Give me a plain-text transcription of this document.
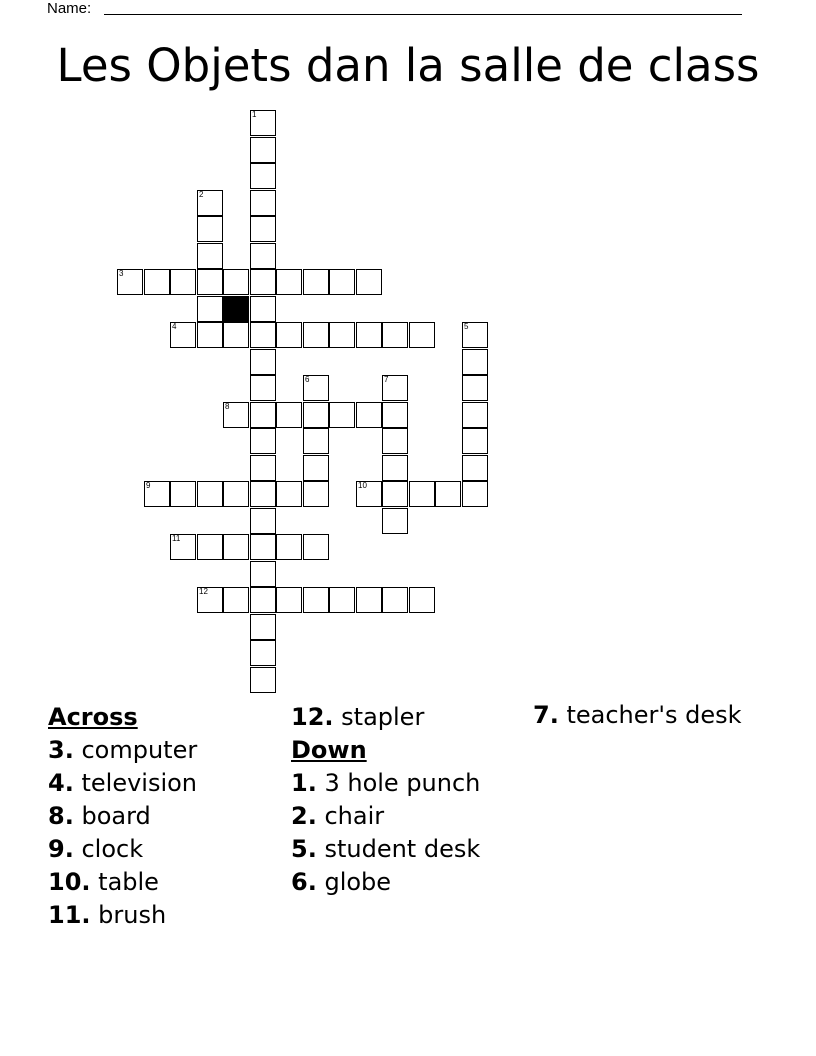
Name:
Les Objets dan la salle de class
1
2
3
4	5
6	7
8
9	10
11
12
Across
3. computer
4. television
8. board
9. clock
10. table
11. brush
12. stapler
Down
1. 3 hole punch
2. chair
5. student desk
6. globe
7. teacher's desk
